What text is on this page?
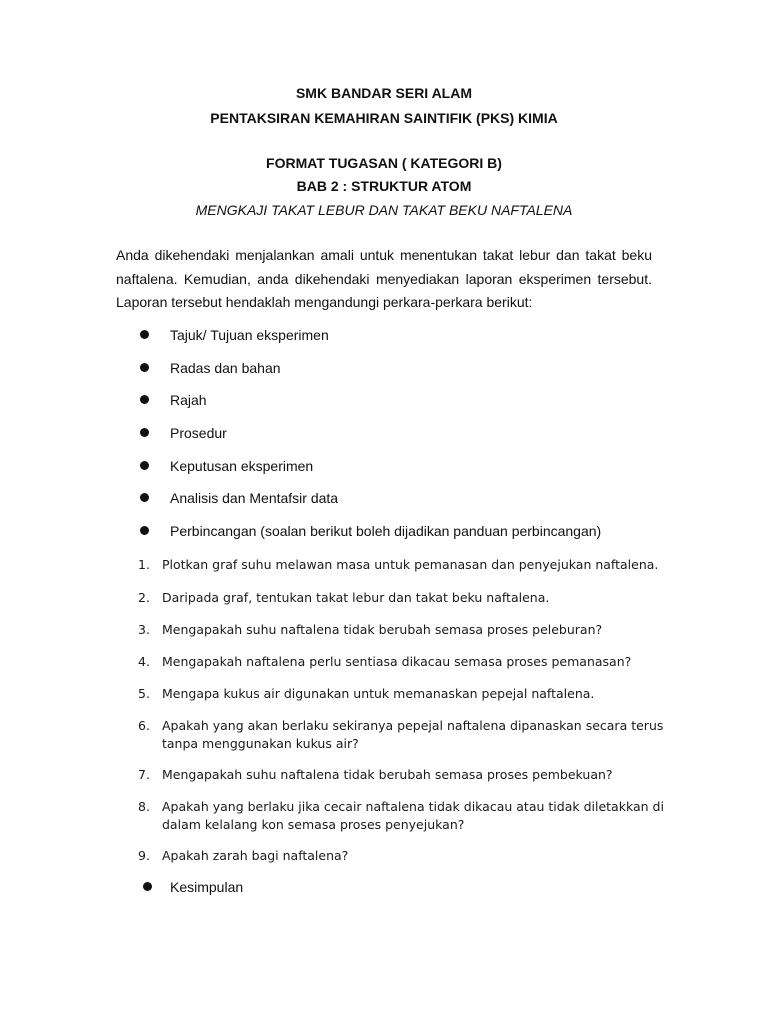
SMK BANDAR SERI ALAM
PENTAKSIRAN KEMAHIRAN SAINTIFIK (PKS) KIMIA
FORMAT TUGASAN ( KATEGORI B)
BAB 2 : STRUKTUR ATOM
MENGKAJI TAKAT LEBUR DAN TAKAT BEKU NAFTALENA
Anda dikehendaki menjalankan amali untuk menentukan takat lebur dan takat beku
naftalena. Kemudian, anda dikehendaki menyediakan laporan eksperimen tersebut.
Laporan tersebut hendaklah mengandungi perkara-perkara berikut:
Tajuk/ Tujuan eksperimen
Radas dan bahan
Rajah
Prosedur
Keputusan eksperimen
Analisis dan Mentafsir data
Perbincangan (soalan berikut boleh dijadikan panduan perbincangan)
1. Plotkan graf suhu melawan masa untuk pemanasan dan penyejukan naftalena.
2. Daripada graf, tentukan takat lebur dan takat beku naftalena.
3. Mengapakah suhu naftalena tidak berubah semasa proses peleburan?
4. Mengapakah naftalena perlu sentiasa dikacau semasa proses pemanasan?
5. Mengapa kukus air digunakan untuk memanaskan pepejal naftalena.
6. Apakah yang akan berlaku sekiranya pepejal naftalena dipanaskan secara terus
tanpa menggunakan kukus air?
7. Mengapakah suhu naftalena tidak berubah semasa proses pembekuan?
8. Apakah yang berlaku jika cecair naftalena tidak dikacau atau tidak diletakkan di
dalam kelalang kon semasa proses penyejukan?
9. Apakah zarah bagi naftalena?
Kesimpulan
